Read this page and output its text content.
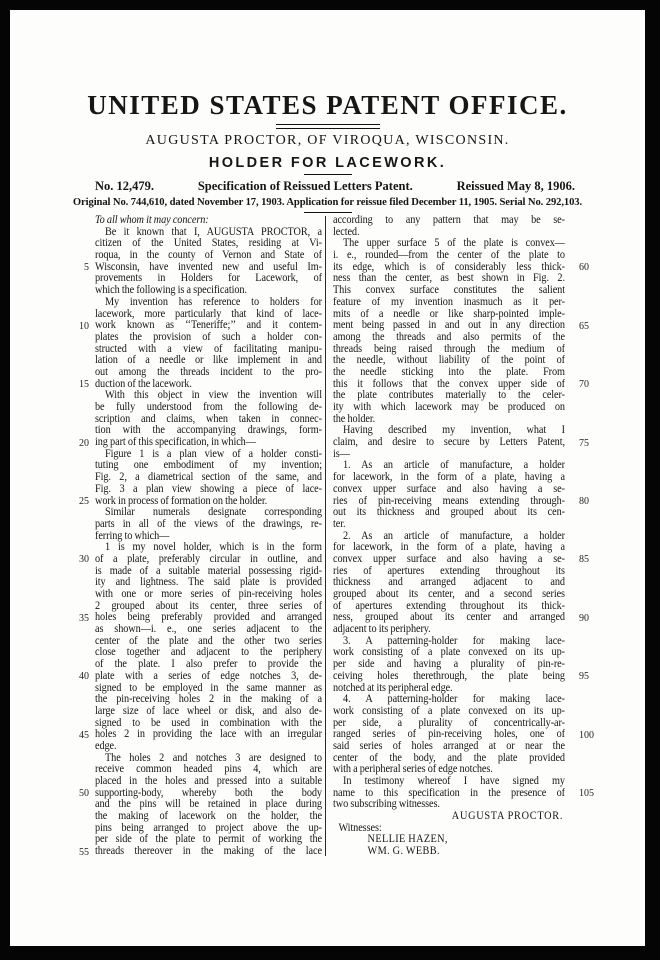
UNITED STATES PATENT OFFICE.
AUGUSTA PROCTOR, OF VIROQUA, WISCONSIN.
HOLDER FOR LACEWORK.
No. 12,479.	Specification of Reissued Letters Patent.	Reissued May 8, 1906.
Original No. 744,610, dated November 17, 1903. Application for reissue filed December 11, 1905. Serial No. 292,103.
To all whom it may concern:
Be it known that I, AUGUSTA PROCTOR, a
citizen of the United States, residing at Vi-
roqua, in the county of Vernon and State of
5 Wisconsin, have invented new and useful Im-
provements in Holders for Lacework, of
which the following is a specification.
My invention has reference to holders for
lacework, more particularly that kind of lace-
10 work known as ‘‘Teneriffe;’’ and it contem-
plates the provision of such a holder con-
structed with a view of facilitating manipu-
lation of a needle or like implement in and
out among the threads incident to the pro-
15 duction of the lacework.
With this object in view the invention will
be fully understood from the following de-
scription and claims, when taken in connec-
tion with the accompanying drawings, form-
20 ing part of this specification, in which—
Figure 1 is a plan view of a holder consti-
tuting one embodiment of my invention;
Fig. 2, a diametrical section of the same, and
Fig. 3 a plan view showing a piece of lace-
25 work in process of formation on the holder.
Similar numerals designate corresponding
parts in all of the views of the drawings, re-
ferring to which—
1 is my novel holder, which is in the form
30 of a plate, preferably circular in outline, and
is made of a suitable material possessing rigid-
ity and lightness. The said plate is provided
with one or more series of pin-receiving holes
2 grouped about its center, three series of
35 holes being preferably provided and arranged
as shown—i. e., one series adjacent to the
center of the plate and the other two series
close together and adjacent to the periphery
of the plate. I also prefer to provide the
40 plate with a series of edge notches 3, de-
signed to be employed in the same manner as
the pin-receiving holes 2 in the making of a
large size of lace wheel or disk, and also de-
signed to be used in combination with the
45 holes 2 in providing the lace with an irregular
edge.
The holes 2 and notches 3 are designed to
receive common headed pins 4, which are
placed in the holes and pressed into a suitable
50 supporting-body, whereby both the body
and the pins will be retained in place during
the making of lacework on the holder, the
pins being arranged to project above the up-
per side of the plate to permit of working the
55 threads thereover in the making of the lace
according to any pattern that may be se-
lected.
The upper surface 5 of the plate is convex—
i. e., rounded—from the center of the plate to
60
its edge, which is of considerably less thick-
ness than the center, as best shown in Fig. 2.
This convex surface constitutes the salient
feature of my invention inasmuch as it per-
mits of a needle or like sharp-pointed imple-
65
ment being passed in and out in any direction
among the threads and also permits of the
threads being raised through the medium of
the needle, without liability of the point of
the needle sticking into the plate. From
70
this it follows that the convex upper side of
the plate contributes materially to the celer-
ity with which lacework may be produced on
the holder.
Having described my invention, what I
75
claim, and desire to secure by Letters Patent,
is—
1. As an article of manufacture, a holder
for lacework, in the form of a plate, having a
convex upper surface and also having a se-
80
ries of pin-receiving means extending through-
out its thickness and grouped about its cen-
ter.
2. As an article of manufacture, a holder
for lacework, in the form of a plate, having a
85
convex upper surface and also having a se-
ries of apertures extending throughout its
thickness and arranged adjacent to and
grouped about its center, and a second series
of apertures extending throughout its thick-
90
ness, grouped about its center and arranged
adjacent to its periphery.
3. A patterning-holder for making lace-
work consisting of a plate convexed on its up-
per side and having a plurality of pin-re-
95
ceiving holes therethrough, the plate being
notched at its peripheral edge.
4. A patterning-holder for making lace-
work consisting of a plate convexed on its up-
per side, a plurality of concentrically-ar-
100
ranged series of pin-receiving holes, one of
said series of holes arranged at or near the
center of the body, and the plate provided
with a peripheral series of edge notches.
In testimony whereof I have signed my
105
name to this specification in the presence of
two subscribing witnesses.
AUGUSTA PROCTOR.
Witnesses:
NELLIE HAZEN,
WM. G. WEBB.
